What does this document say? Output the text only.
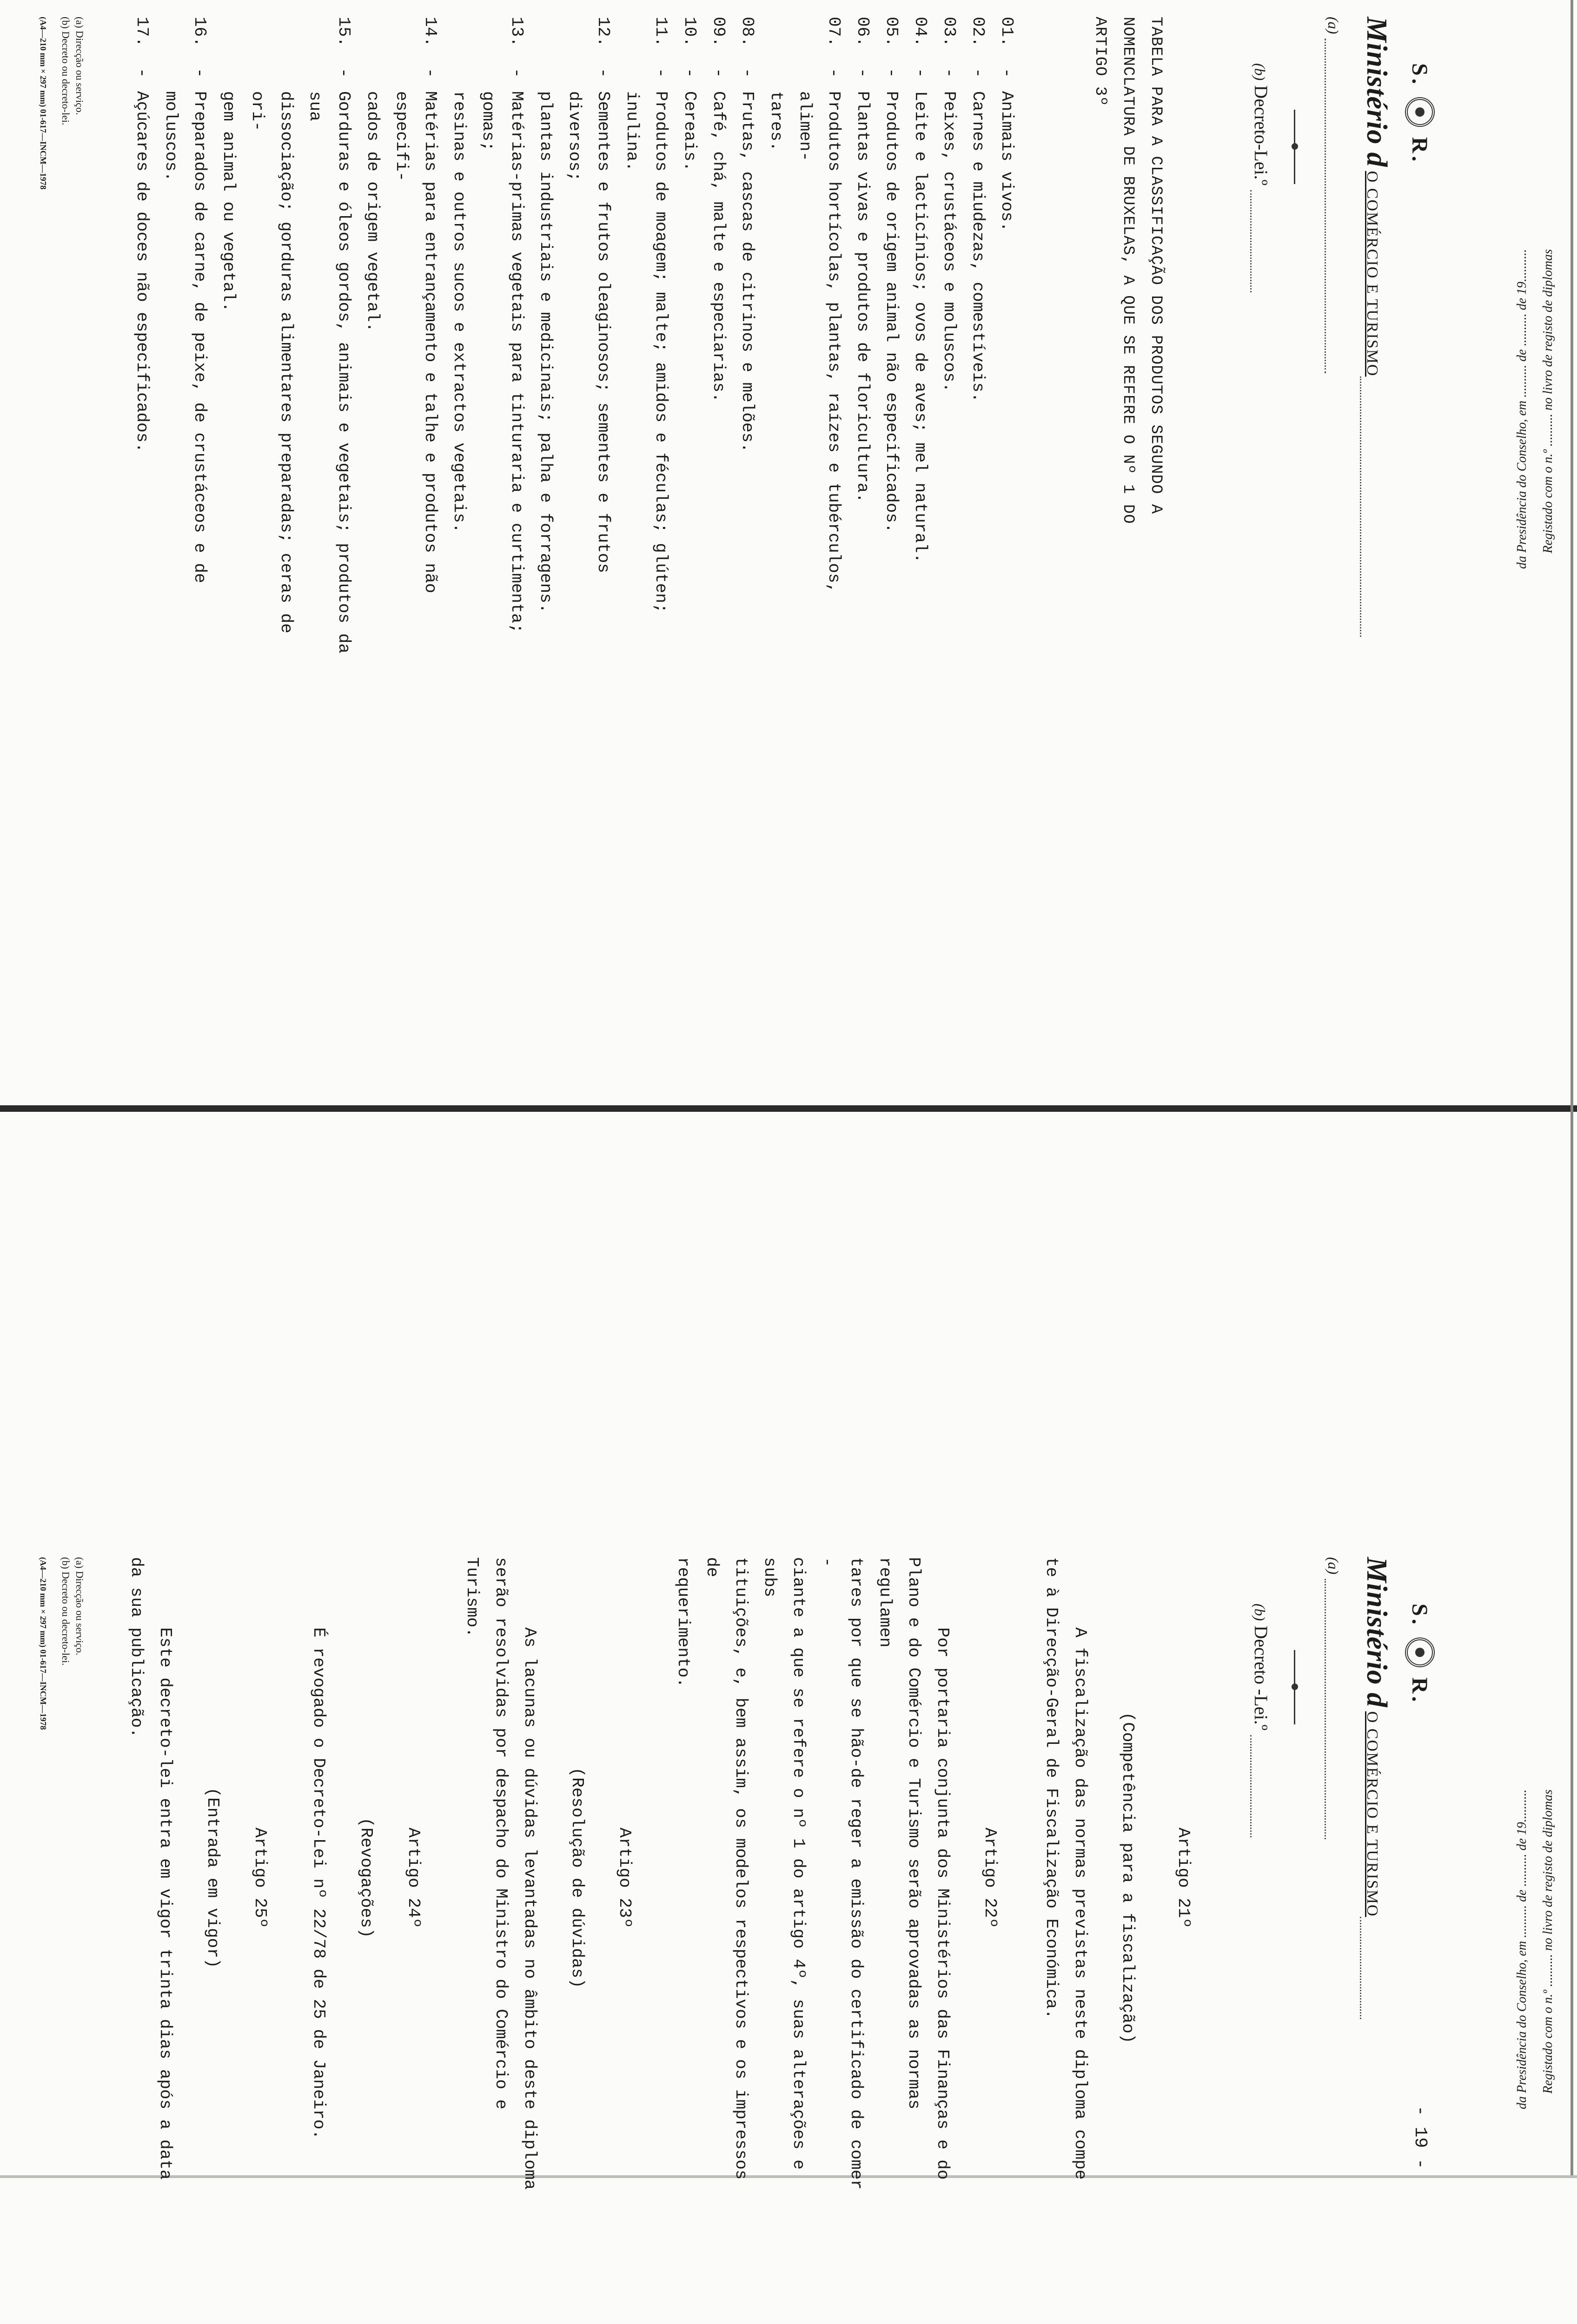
Registado com o n.º .......... no livro de registo de diplomas
da Presidência do Conselho, em .......... de .......... de 19..........
S.
R.
- 19 -
Ministério dO COMÉRCIO E TURISMO
(a)
(b) Decreto -Lei.º
Artigo 21º
(Competência para a fiscalização)
A fiscalização das normas previstas neste diploma compe
te à Direcção-Geral de Fiscalização Económica.
Artigo 22º
Por portaria conjunta dos Ministérios das Finanças e do
Plano e do Comércio e Turismo serão aprovadas as normas regulamen
tares por que se hão-de reger a emissão do certificado de comer -
ciante a que se refere o nº 1 do artigo 4º, suas alterações e subs
tituições, e, bem assim, os modelos respectivos e os impressos de
requerimento.
Artigo 23º
(Resolução de dúvidas)
As lacunas ou dúvidas levantadas no âmbito deste diploma
serão resolvidas por despacho do Ministro do Comércio e Turismo.
Artigo 24º
(Revogações)
É revogado o Decreto-Lei nº 22/78 de 25 de Janeiro.
Artigo 25º
(Entrada em vigor)
Este decreto-lei entra em vigor trinta dias após a data
da sua publicação.
(a) Direcção ou serviço.
(b) Decreto ou decreto-lei.
(A4—210 mm × 297 mm) 01-617—INCM—1978
Registado com o n.º .......... no livro de registo de diplomas
da Presidência do Conselho, em .......... de .......... de 19..........
S.
R.
Ministério dO COMÉRCIO E TURISMO
(a)
(b) Decreto-Lei.º
TABELA PARA A CLASSIFICAÇÃO DOS PRODUTOS SEGUNDO A
NOMENCLATURA DE BRUXELAS, A QUE SE REFERE O Nº 1 DO
ARTIGO 3º
01.
-
Animais vivos.
02.
-
Carnes e miudezas, comestíveis.
03.
-
Peixes, crustáceos e moluscos.
04.
-
Leite e lacticínios; ovos de aves; mel natural.
05.
-
Produtos de origem animal não especificados.
06.
-
Plantas vivas e produtos de floricultura.
07.
-
Produtos hortícolas, plantas, raízes e tubérculos, alimen-
tares.
08.
-
Frutas, cascas de citrinos e melões.
09.
-
Café, chá, malte e especiarias.
10.
-
Cereais.
11.
-
Produtos de moagem; malte; amidos e féculas; glúten; inulina.
12.
-
Sementes e frutos oleaginosos; sementes e frutos diversos;
plantas industriais e medicinais; palha e forragens.
13.
-
Matérias-primas vegetais para tinturaria e curtimenta; gomas;
resinas e outros sucos e extractos vegetais.
14.
-
Matérias para entrançamento e talhe e produtos não especifi-
cados de origem vegetal.
15.
-
Gorduras e óleos gordos, animais e vegetais; produtos da sua
dissociação; gorduras alimentares preparadas; ceras de ori-
gem animal ou vegetal.
16.
-
Preparados de carne, de peixe, de crustáceos e de moluscos.
17.
-
Açúcares de doces não especificados.
(a) Direcção ou serviço.
(b) Decreto ou decreto-lei.
(A4—210 mm × 297 mm) 01-617—INCM—1978
